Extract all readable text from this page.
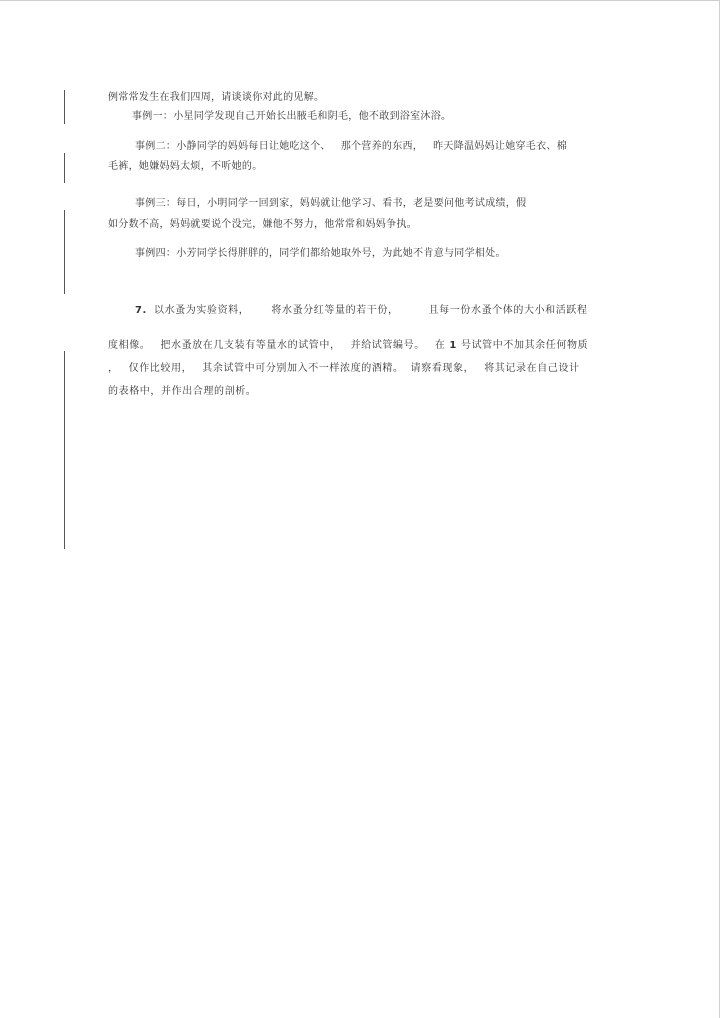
例常常发生在我们四周，请谈谈你对此的见解。
事例一：小星同学发现自己开始长出腋毛和阴毛，他不敢到浴室沐浴。
事例二：小静同学的妈妈每日让她吃这个、 那个营养的东西， 昨天降温妈妈让她穿毛衣、棉
毛裤，她嫌妈妈太烦，不听她的。
事例三：每日，小明同学一回到家，妈妈就让他学习、看书，老是要问他考试成绩，假
如分数不高，妈妈就要说个没完，嫌他不努力，他常常和妈妈争执。
事例四：小芳同学长得胖胖的，同学们都给她取外号，为此她不肯意与同学相处。
7. 以水蚤为实验资料， 将水蚤分红等量的若干份，	且每一份水蚤个体的大小和活跃程
度相像。 把水蚤放在几支装有等量水的试管中， 并给试管编号。 在 1 号试管中不加其余任何物质
， 仅作比较用， 其余试管中可分别加入不一样浓度的酒精。 请察看现象， 将其记录在自己设计
的表格中，并作出合理的剖析。
